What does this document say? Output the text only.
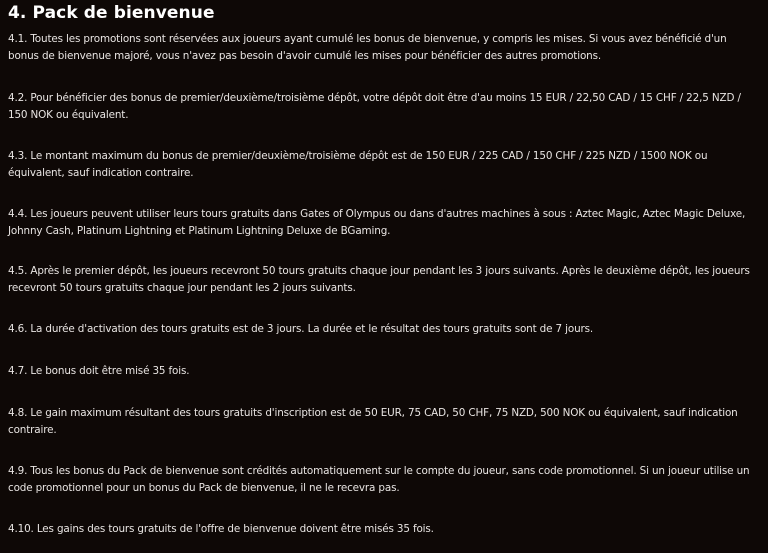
4. Pack de bienvenue

4.1. Toutes les promotions sont réservées aux joueurs ayant cumulé les bonus de bienvenue, y compris les mises. Si vous avez bénéficié d'un bonus de bienvenue majoré, vous n'avez pas besoin d'avoir cumulé les mises pour bénéficier des autres promotions.

4.2. Pour bénéficier des bonus de premier/deuxième/troisième dépôt, votre dépôt doit être d'au moins 15 EUR / 22,50 CAD / 15 CHF / 22,5 NZD / 150 NOK ou équivalent.

4.3. Le montant maximum du bonus de premier/deuxième/troisième dépôt est de 150 EUR / 225 CAD / 150 CHF / 225 NZD / 1500 NOK ou équivalent, sauf indication contraire.

4.4. Les joueurs peuvent utiliser leurs tours gratuits dans Gates of Olympus ou dans d'autres machines à sous : Aztec Magic, Aztec Magic Deluxe, Johnny Cash, Platinum Lightning et Platinum Lightning Deluxe de BGaming.

4.5. Après le premier dépôt, les joueurs recevront 50 tours gratuits chaque jour pendant les 3 jours suivants. Après le deuxième dépôt, les joueurs recevront 50 tours gratuits chaque jour pendant les 2 jours suivants.

4.6. La durée d'activation des tours gratuits est de 3 jours. La durée et le résultat des tours gratuits sont de 7 jours.

4.7. Le bonus doit être misé 35 fois.

4.8. Le gain maximum résultant des tours gratuits d'inscription est de 50 EUR, 75 CAD, 50 CHF, 75 NZD, 500 NOK ou équivalent, sauf indication contraire.

4.9. Tous les bonus du Pack de bienvenue sont crédités automatiquement sur le compte du joueur, sans code promotionnel. Si un joueur utilise un code promotionnel pour un bonus du Pack de bienvenue, il ne le recevra pas.

4.10. Les gains des tours gratuits de l'offre de bienvenue doivent être misés 35 fois.
